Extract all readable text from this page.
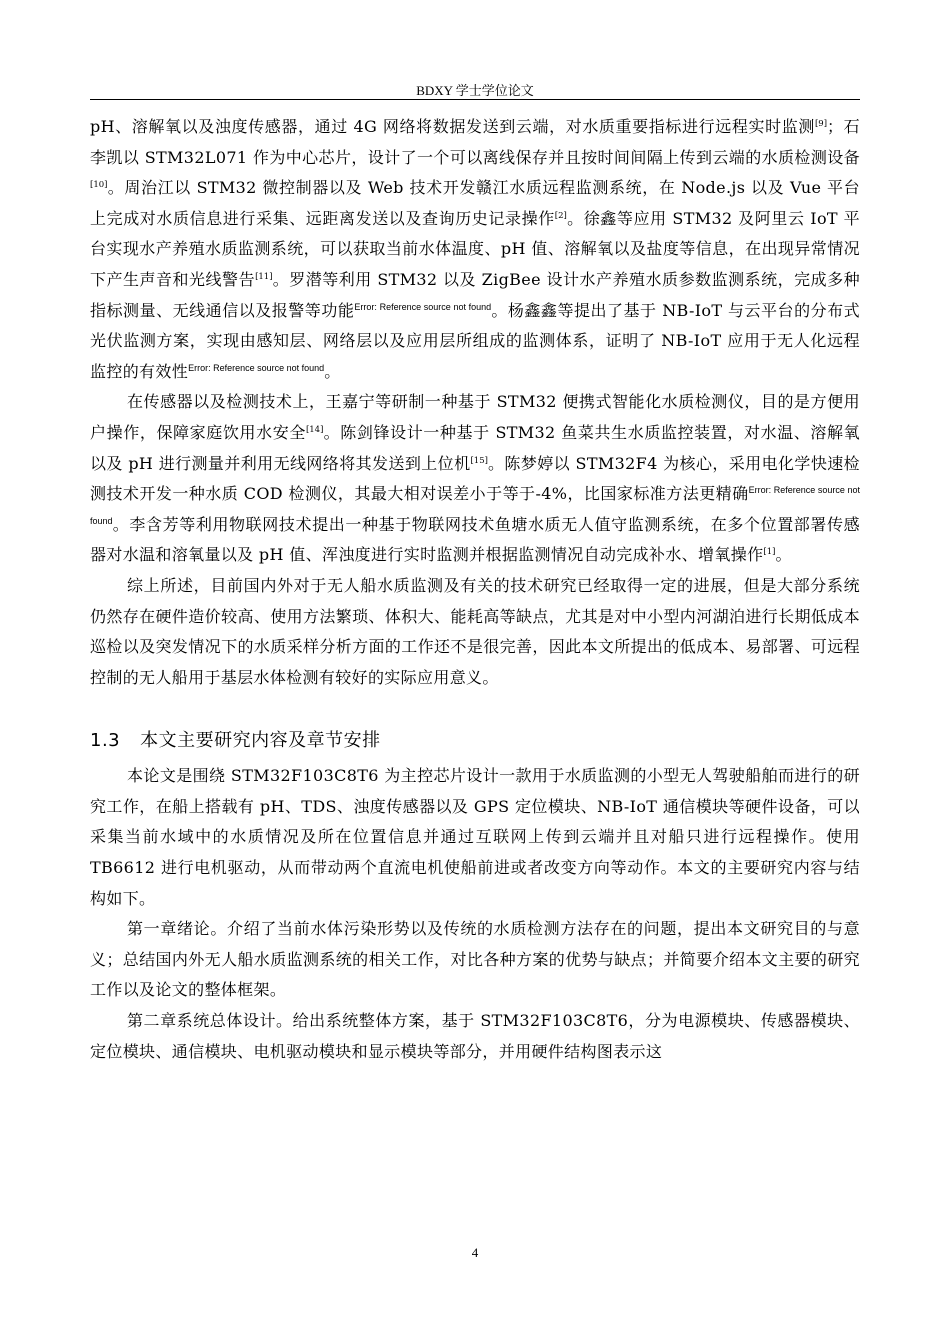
BDXY 学士学位论文

pH、溶解氧以及浊度传感器，通过 4G 网络将数据发送到云端，对水质重要指标进行远程实时监测[9]；石李凯以 STM32L071 作为中心芯片，设计了一个可以离线保存并且按时间间隔上传到云端的水质检测设备[10]。周治江以 STM32 微控制器以及 Web 技术开发赣江水质远程监测系统，在 Node.js 以及 Vue 平台上完成对水质信息进行采集、远距离发送以及查询历史记录操作[2]。徐鑫等应用 STM32 及阿里云 IoT 平台实现水产养殖水质监测系统，可以获取当前水体温度、pH 值、溶解氧以及盐度等信息，在出现异常情况下产生声音和光线警告[11]。罗潜等利用 STM32 以及 ZigBee 设计水产养殖水质参数监测系统，完成多种指标测量、无线通信以及报警等功能$^{Error: Reference source not found}$。杨鑫鑫等提出了基于 NB-IoT 与云平台的分布式光伏监测方案，实现由感知层、网络层以及应用层所组成的监测体系，证明了 NB-IoT 应用于无人化远程监控的有效性$^{Error: Reference source not found}$。

在传感器以及检测技术上，王嘉宁等研制一种基于 STM32 便携式智能化水质检测仪，目的是方便用户操作，保障家庭饮用水安全[14]。陈剑锋设计一种基于 STM32 鱼菜共生水质监控装置，对水温、溶解氧以及 pH 进行测量并利用无线网络将其发送到上位机[15]。陈梦婷以 STM32F4 为核心，采用电化学快速检测技术开发一种水质 COD 检测仪，其最大相对误差小于等于-4%，比国家标准方法更精确$^{Error: Reference source not found}$。李含芳等利用物联网技术提出一种基于物联网技术鱼塘水质无人值守监测系统，在多个位置部署传感器对水温和溶氧量以及 pH 值、浑浊度进行实时监测并根据监测情况自动完成补水、增氧操作[1]。

综上所述，目前国内外对于无人船水质监测及有关的技术研究已经取得一定的进展，但是大部分系统仍然存在硬件造价较高、使用方法繁琐、体积大、能耗高等缺点，尤其是对中小型内河湖泊进行长期低成本巡检以及突发情况下的水质采样分析方面的工作还不是很完善，因此本文所提出的低成本、易部署、可远程控制的无人船用于基层水体检测有较好的实际应用意义。

1.3 本文主要研究内容及章节安排

本论文是围绕 STM32F103C8T6 为主控芯片设计一款用于水质监测的小型无人驾驶船舶而进行的研究工作，在船上搭载有 pH、TDS、浊度传感器以及 GPS 定位模块、NB-IoT 通信模块等硬件设备，可以采集当前水域中的水质情况及所在位置信息并通过互联网上传到云端并且对船只进行远程操作。使用 TB6612 进行电机驱动，从而带动两个直流电机使船前进或者改变方向等动作。本文的主要研究内容与结构如下。

第一章绪论。介绍了当前水体污染形势以及传统的水质检测方法存在的问题，提出本文研究目的与意义；总结国内外无人船水质监测系统的相关工作，对比各种方案的优势与缺点；并简要介绍本文主要的研究工作以及论文的整体框架。

第二章系统总体设计。给出系统整体方案，基于 STM32F103C8T6，分为电源模块、传感器模块、定位模块、通信模块、电机驱动模块和显示模块等部分，并用硬件结构图表示这

4
